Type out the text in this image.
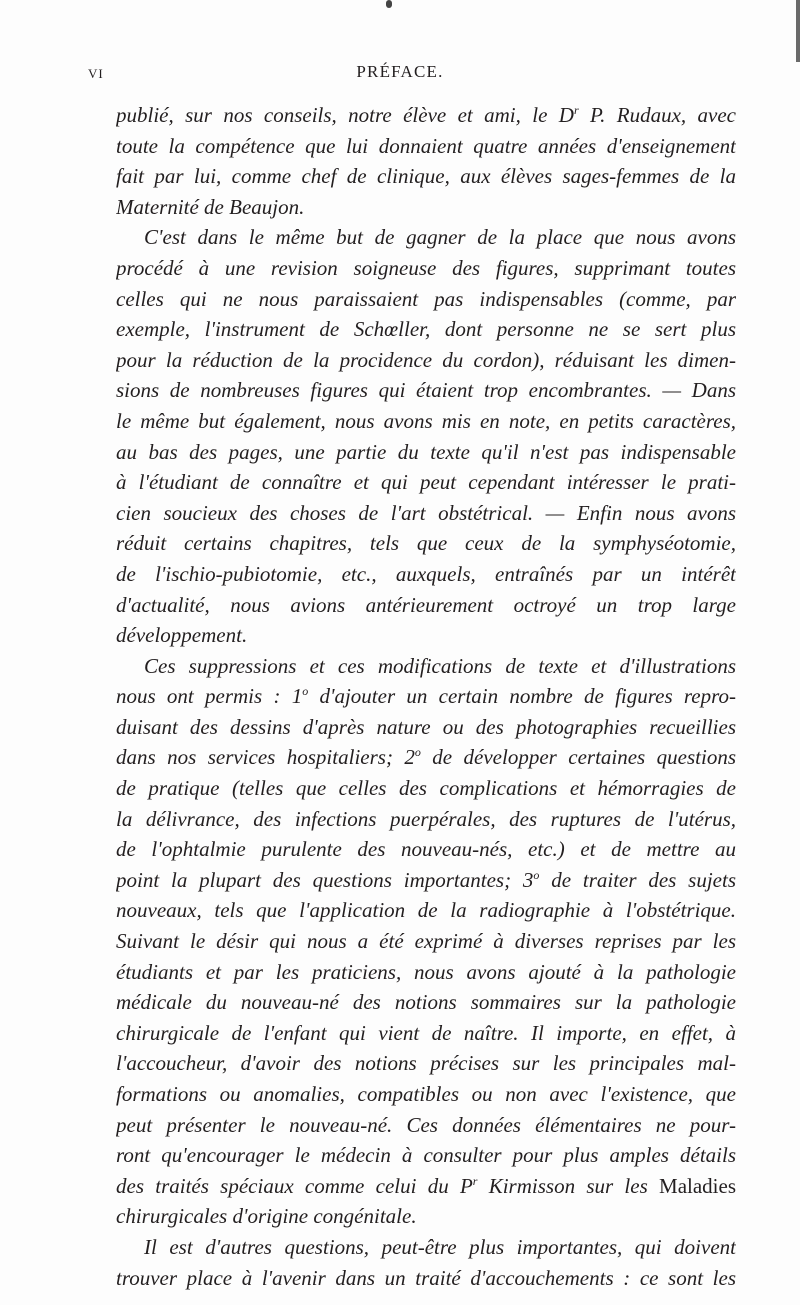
VI	PRÉFACE.
publié, sur nos conseils, notre élève et ami, le $D^r$ P. Rudaux, avec
toute la compétence que lui donnaient quatre années d'enseignement
fait par lui, comme chef de clinique, aux élèves sages-femmes de la
Maternité de Beaujon.
C'est dans le même but de gagner de la place que nous avons
procédé à une revision soigneuse des figures, supprimant toutes
celles qui ne nous paraissaient pas indispensables (comme, par
exemple, l'instrument de Schœller, dont personne ne se sert plus
pour la réduction de la procidence du cordon), réduisant les dimen-
sions de nombreuses figures qui étaient trop encombrantes. — Dans
le même but également, nous avons mis en note, en petits caractères,
au bas des pages, une partie du texte qu'il n'est pas indispensable
à l'étudiant de connaître et qui peut cependant intéresser le prati-
cien soucieux des choses de l'art obstétrical. — Enfin nous avons
réduit certains chapitres, tels que ceux de la symphyséotomie,
de l'ischio-pubiotomie, etc., auxquels, entraînés par un intérêt
d'actualité, nous avions antérieurement octroyé un trop large
développement.
Ces suppressions et ces modifications de texte et d'illustrations
nous ont permis : 1$^o$ d'ajouter un certain nombre de figures repro-
duisant des dessins d'après nature ou des photographies recueillies
dans nos services hospitaliers; 2$^o$ de développer certaines questions
de pratique (telles que celles des complications et hémorragies de
la délivrance, des infections puerpérales, des ruptures de l'utérus,
de l'ophtalmie purulente des nouveau-nés, etc.) et de mettre au
point la plupart des questions importantes; 3$^o$ de traiter des sujets
nouveaux, tels que l'application de la radiographie à l'obstétrique.
Suivant le désir qui nous a été exprimé à diverses reprises par les
étudiants et par les praticiens, nous avons ajouté à la pathologie
médicale du nouveau-né des notions sommaires sur la pathologie
chirurgicale de l'enfant qui vient de naître. Il importe, en effet, à
l'accoucheur, d'avoir des notions précises sur les principales mal-
formations ou anomalies, compatibles ou non avec l'existence, que
peut présenter le nouveau-né. Ces données élémentaires ne pour-
ront qu'encourager le médecin à consulter pour plus amples détails
des traités spéciaux comme celui du $P^r$ Kirmisson sur les Maladies
chirurgicales d'origine congénitale.
Il est d'autres questions, peut-être plus importantes, qui doivent
trouver place à l'avenir dans un traité d'accouchements : ce sont les
